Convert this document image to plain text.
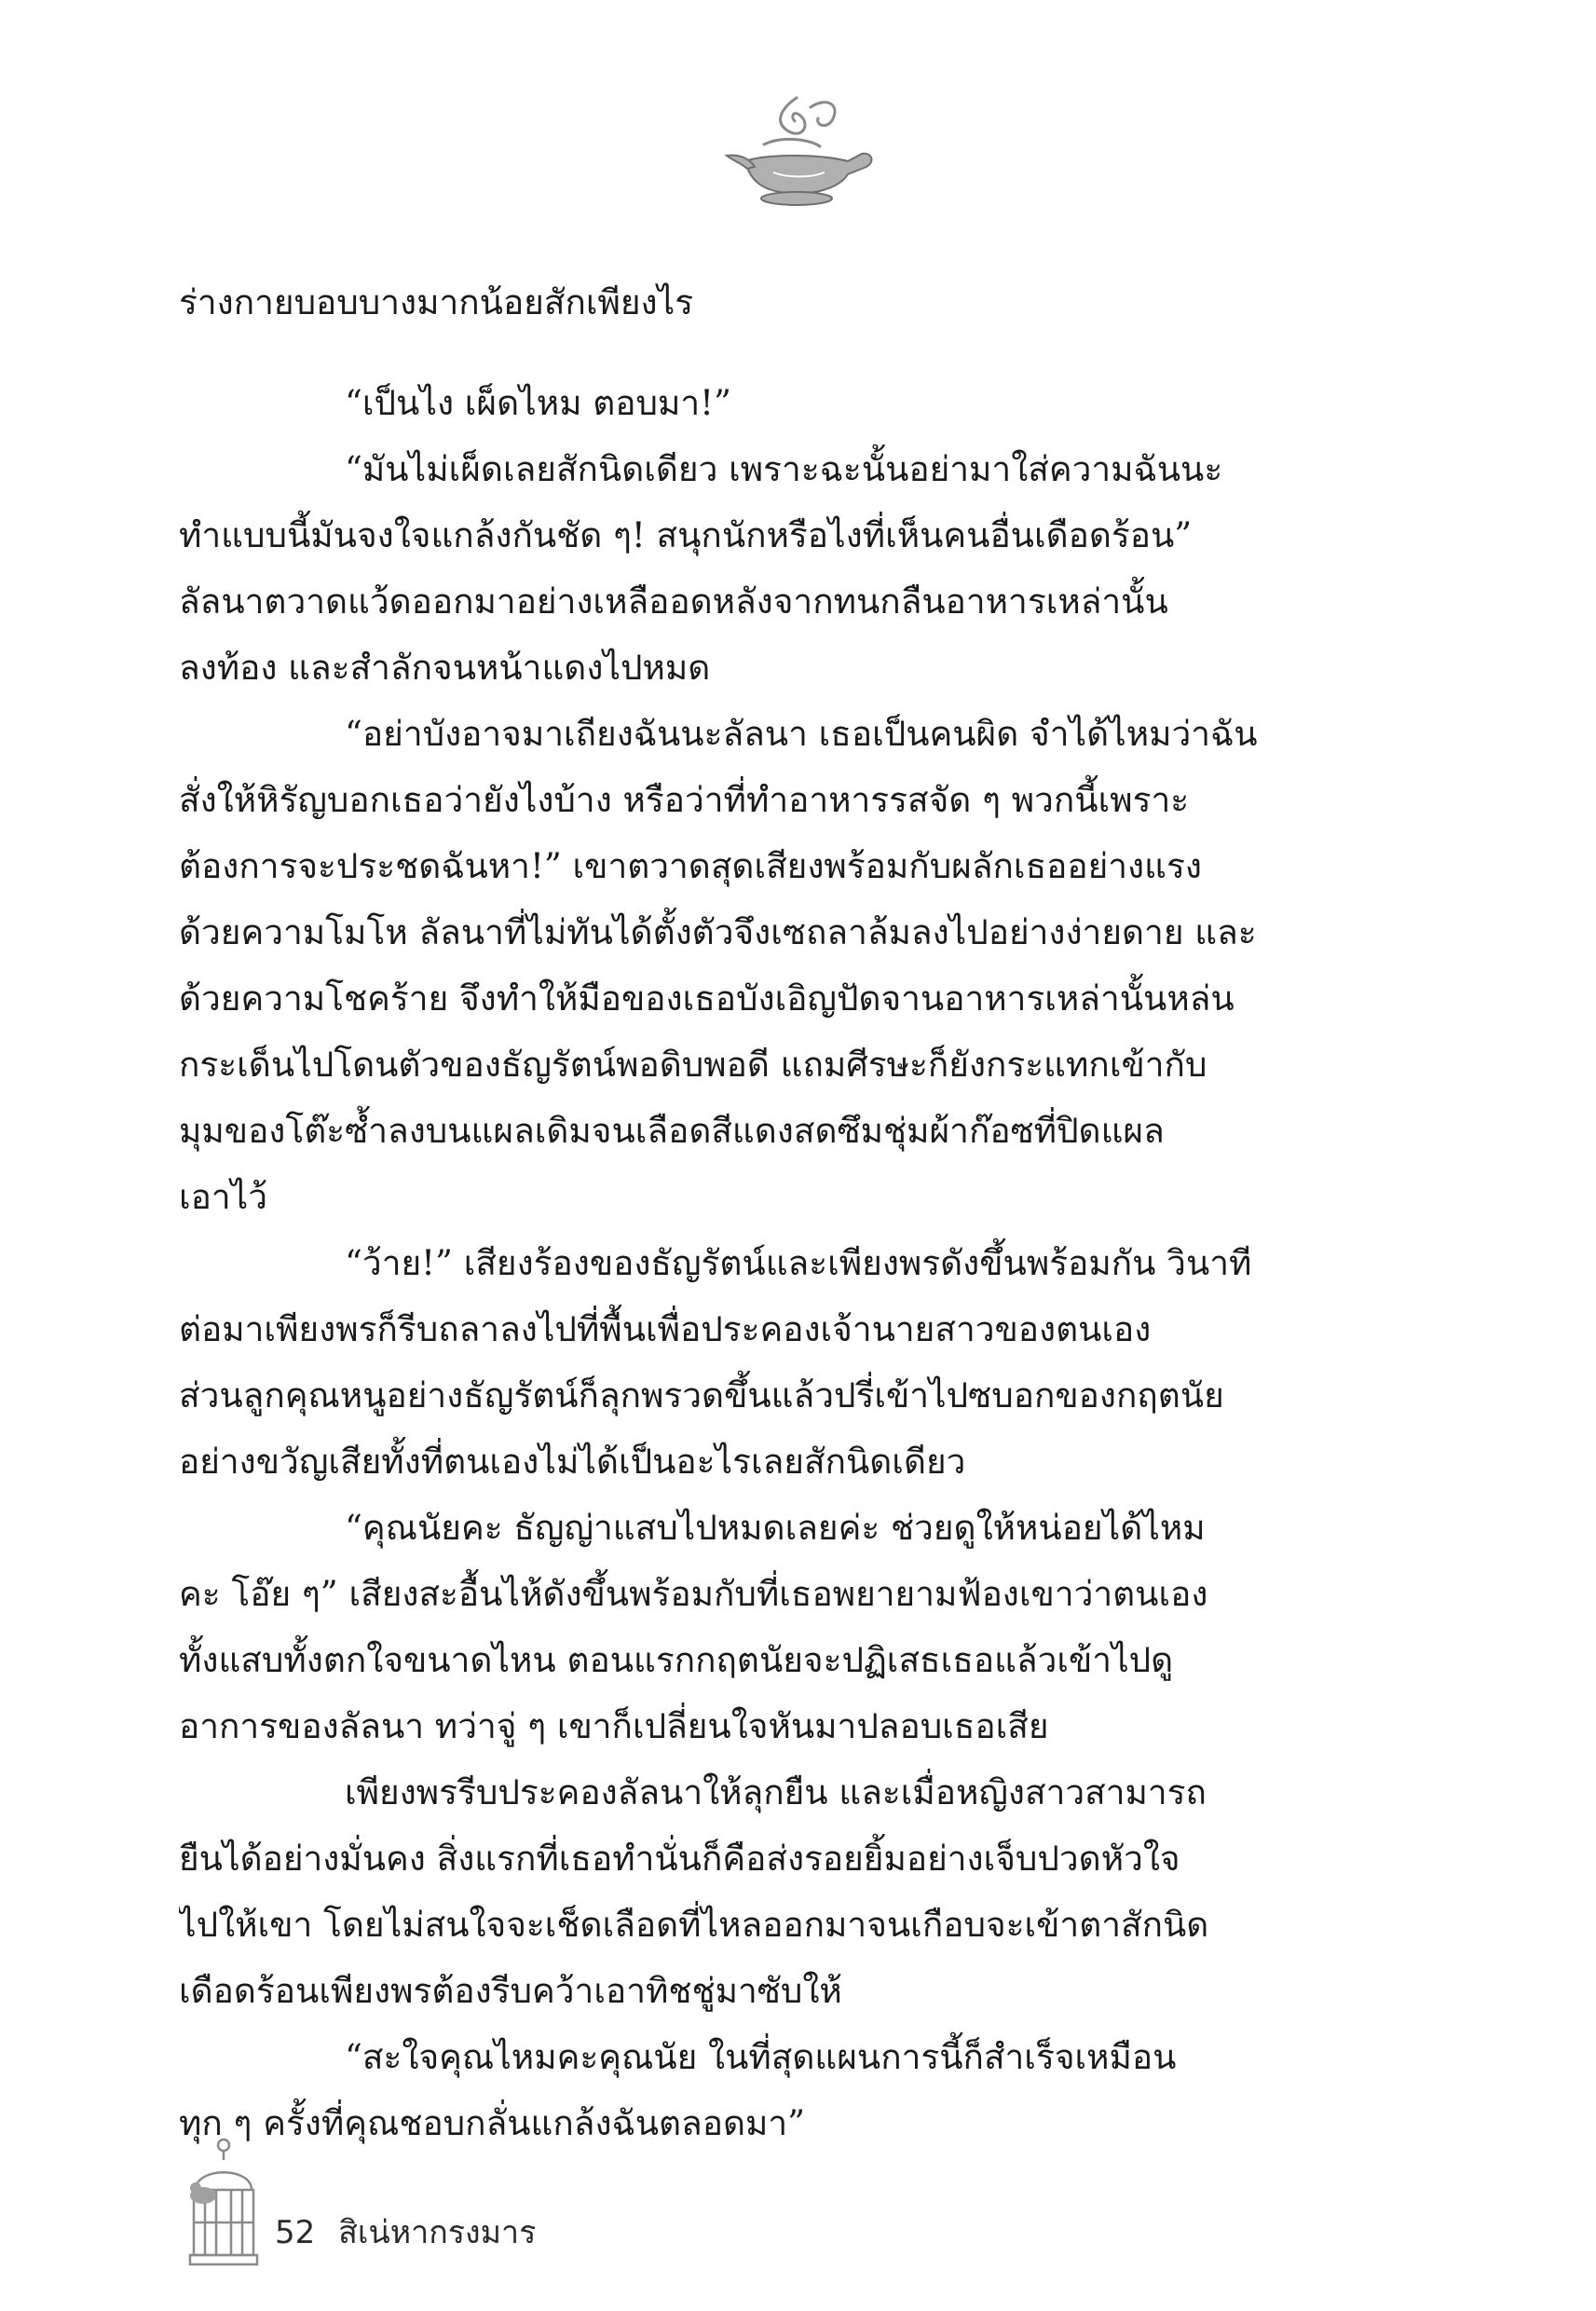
ร่างกายบอบบางมากน้อยสักเพียงไร

“เป็นไง เผ็ดไหม ตอบมา!”
“มันไม่เผ็ดเลยสักนิดเดียว เพราะฉะนั้นอย่ามาใส่ความฉันนะ
ทำแบบนี้มันจงใจแกล้งกันชัด ๆ! สนุกนักหรือไงที่เห็นคนอื่นเดือดร้อน”
ลัลนาตวาดแว้ดออกมาอย่างเหลืออดหลังจากทนกลืนอาหารเหล่านั้น
ลงท้อง และสำลักจนหน้าแดงไปหมด
“อย่าบังอาจมาเถียงฉันนะลัลนา เธอเป็นคนผิด จำได้ไหมว่าฉัน
สั่งให้หิรัญบอกเธอว่ายังไงบ้าง หรือว่าที่ทำอาหารรสจัด ๆ พวกนี้เพราะ
ต้องการจะประชดฉันหา!” เขาตวาดสุดเสียงพร้อมกับผลักเธออย่างแรง
ด้วยความโมโห ลัลนาที่ไม่ทันได้ตั้งตัวจึงเซถลาล้มลงไปอย่างง่ายดาย และ
ด้วยความโชคร้าย จึงทำให้มือของเธอบังเอิญปัดจานอาหารเหล่านั้นหล่น
กระเด็นไปโดนตัวของธัญรัตน์พอดิบพอดี แถมศีรษะก็ยังกระแทกเข้ากับ
มุมของโต๊ะซ้ำลงบนแผลเดิมจนเลือดสีแดงสดซึมชุ่มผ้าก๊อซที่ปิดแผล
เอาไว้
“ว้าย!” เสียงร้องของธัญรัตน์และเพียงพรดังขึ้นพร้อมกัน วินาที
ต่อมาเพียงพรก็รีบถลาลงไปที่พื้นเพื่อประคองเจ้านายสาวของตนเอง
ส่วนลูกคุณหนูอย่างธัญรัตน์ก็ลุกพรวดขึ้นแล้วปรี่เข้าไปซบอกของกฤตนัย
อย่างขวัญเสียทั้งที่ตนเองไม่ได้เป็นอะไรเลยสักนิดเดียว
“คุณนัยคะ ธัญญ่าแสบไปหมดเลยค่ะ ช่วยดูให้หน่อยได้ไหม
คะ โอ๊ย ๆ” เสียงสะอื้นไห้ดังขึ้นพร้อมกับที่เธอพยายามฟ้องเขาว่าตนเอง
ทั้งแสบทั้งตกใจขนาดไหน ตอนแรกกฤตนัยจะปฏิเสธเธอแล้วเข้าไปดู
อาการของลัลนา ทว่าจู่ ๆ เขาก็เปลี่ยนใจหันมาปลอบเธอเสีย
เพียงพรรีบประคองลัลนาให้ลุกยืน และเมื่อหญิงสาวสามารถ
ยืนได้อย่างมั่นคง สิ่งแรกที่เธอทำนั่นก็คือส่งรอยยิ้มอย่างเจ็บปวดหัวใจ
ไปให้เขา โดยไม่สนใจจะเช็ดเลือดที่ไหลออกมาจนเกือบจะเข้าตาสักนิด
เดือดร้อนเพียงพรต้องรีบคว้าเอาทิชชู่มาซับให้
“สะใจคุณไหมคะคุณนัย ในที่สุดแผนการนี้ก็สำเร็จเหมือน
ทุก ๆ ครั้งที่คุณชอบกลั่นแกล้งฉันตลอดมา”
52 สิเน่หากรงมาร
